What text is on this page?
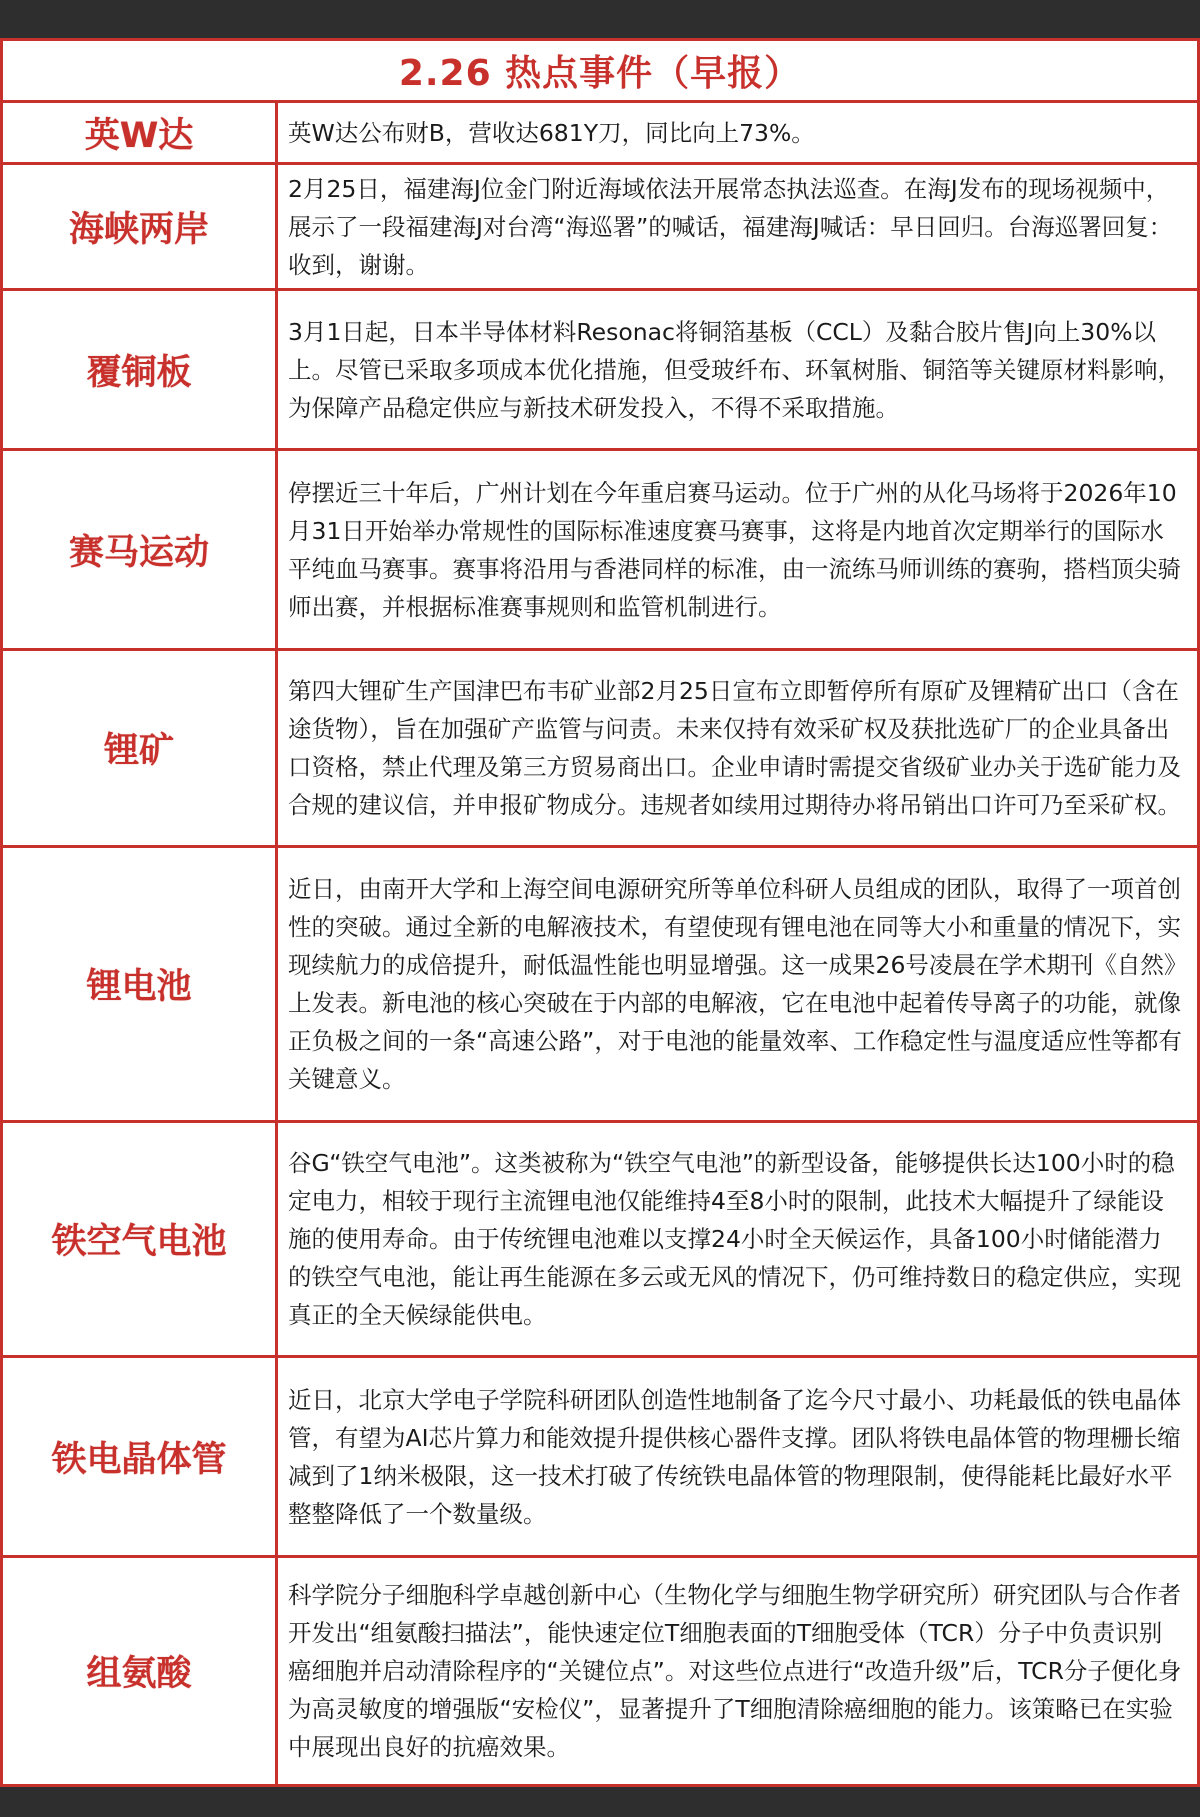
2.26 热点事件（早报）
英W达	英W达公布财B，营收达681Y刀，同比向上73%。
海峡两岸
2月25日，福建海J位金门附近海域依法开展常态执法巡查。在海J发布的现场视频中，展示了一段福建海J对台湾“海巡署”的喊话，福建海J喊话：早日回归。台海巡署回复：收到，谢谢。
覆铜板
3月1日起，日本半导体材料Resonac将铜箔基板（CCL）及黏合胶片售J向上30%以上。尽管已采取多项成本优化措施，但受玻纤布、环氧树脂、铜箔等关键原材料影响，为保障产品稳定供应与新技术研发投入，不得不采取措施。
赛马运动
停摆近三十年后，广州计划在今年重启赛马运动。位于广州的从化马场将于2026年10月31日开始举办常规性的国际标准速度赛马赛事，这将是内地首次定期举行的国际水平纯血马赛事。赛事将沿用与香港同样的标准，由一流练马师训练的赛驹，搭档顶尖骑师出赛，并根据标准赛事规则和监管机制进行。
锂矿
第四大锂矿生产国津巴布韦矿业部2月25日宣布立即暂停所有原矿及锂精矿出口（含在途货物），旨在加强矿产监管与问责。未来仅持有效采矿权及获批选矿厂的企业具备出口资格，禁止代理及第三方贸易商出口。企业申请时需提交省级矿业办关于选矿能力及合规的建议信，并申报矿物成分。违规者如续用过期待办将吊销出口许可乃至采矿权。
锂电池
近日，由南开大学和上海空间电源研究所等单位科研人员组成的团队，取得了一项首创性的突破。通过全新的电解液技术，有望使现有锂电池在同等大小和重量的情况下，实现续航力的成倍提升，耐低温性能也明显增强。这一成果26号凌晨在学术期刊《自然》上发表。新电池的核心突破在于内部的电解液，它在电池中起着传导离子的功能，就像正负极之间的一条“高速公路”，对于电池的能量效率、工作稳定性与温度适应性等都有关键意义。
铁空气电池
谷G“铁空气电池”。这类被称为“铁空气电池”的新型设备，能够提供长达100小时的稳定电力，相较于现行主流锂电池仅能维持4至8小时的限制，此技术大幅提升了绿能设施的使用寿命。由于传统锂电池难以支撑24小时全天候运作，具备100小时储能潜力的铁空气电池，能让再生能源在多云或无风的情况下，仍可维持数日的稳定供应，实现真正的全天候绿能供电。
铁电晶体管
近日，北京大学电子学院科研团队创造性地制备了迄今尺寸最小、功耗最低的铁电晶体管，有望为AI芯片算力和能效提升提供核心器件支撑。团队将铁电晶体管的物理栅长缩减到了1纳米极限，这一技术打破了传统铁电晶体管的物理限制，使得能耗比最好水平整整降低了一个数量级。
组氨酸
科学院分子细胞科学卓越创新中心（生物化学与细胞生物学研究所）研究团队与合作者开发出“组氨酸扫描法”，能快速定位T细胞表面的T细胞受体（TCR）分子中负责识别癌细胞并启动清除程序的“关键位点”。对这些位点进行“改造升级”后，TCR分子便化身为高灵敏度的增强版“安检仪”，显著提升了T细胞清除癌细胞的能力。该策略已在实验中展现出良好的抗癌效果。
